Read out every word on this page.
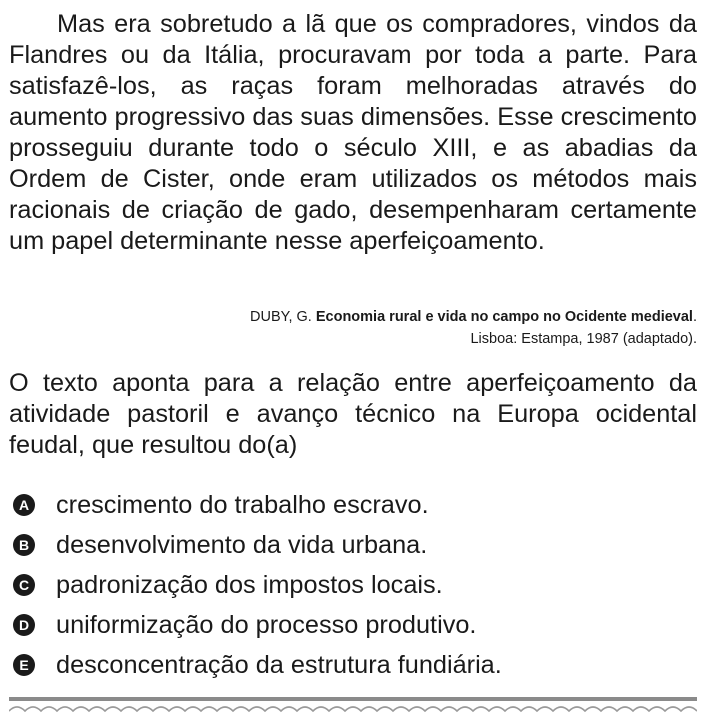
Mas era sobretudo a lã que os compradores, vindos da Flandres ou da Itália, procuravam por toda a parte. Para satisfazê-los, as raças foram melhoradas através do aumento progressivo das suas dimensões. Esse crescimento prosseguiu durante todo o século XIII, e as abadias da Ordem de Cister, onde eram utilizados os métodos mais racionais de criação de gado, desempenharam certamente um papel determinante nesse aperfeiçoamento.

DUBY, G. Economia rural e vida no campo no Ocidente medieval.
Lisboa: Estampa, 1987 (adaptado).

O texto aponta para a relação entre aperfeiçoamento da atividade pastoril e avanço técnico na Europa ocidental feudal, que resultou do(a)

A crescimento do trabalho escravo.
B desenvolvimento da vida urbana.
C padronização dos impostos locais.
D uniformização do processo produtivo.
E desconcentração da estrutura fundiária.
